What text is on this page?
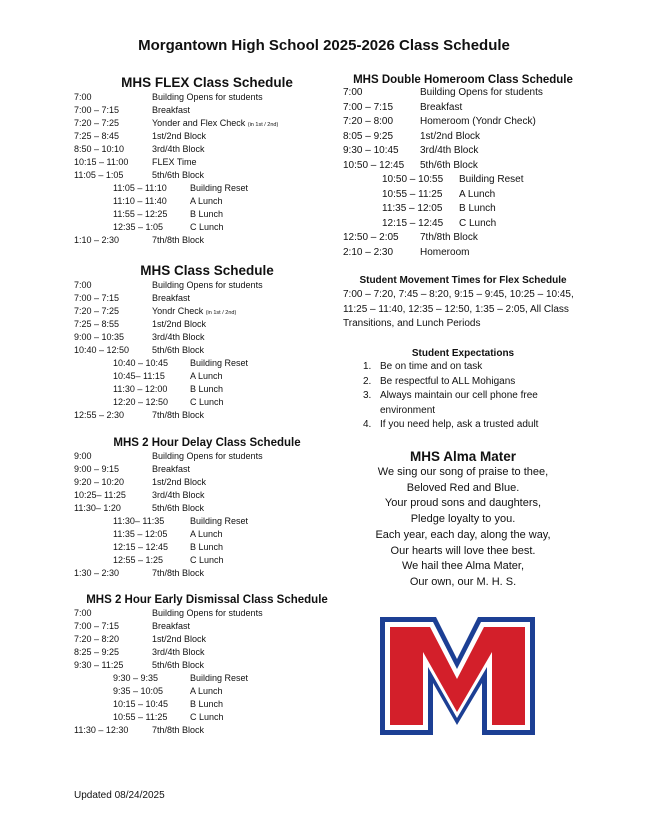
Morgantown High School 2025-2026 Class Schedule
MHS FLEX Class Schedule
7:00	Building Opens for students
7:00 – 7:15	Breakfast
7:20 – 7:25	Yonder and Flex Check (in 1st / 2nd)
7:25 – 8:45	1st/2nd Block
8:50 – 10:10	3rd/4th Block
10:15 – 11:00	FLEX Time
11:05 – 1:05	5th/6th Block
11:05 – 11:10	Building Reset
11:10 – 11:40	A Lunch
11:55 – 12:25	B Lunch
12:35 – 1:05	C Lunch
1:10 – 2:30	7th/8th Block
MHS Class Schedule
7:00	Building Opens for students
7:00 – 7:15	Breakfast
7:20 – 7:25	Yondr Check (in 1st / 2nd)
7:25 – 8:55	1st/2nd Block
9:00 – 10:35	3rd/4th Block
10:40 – 12:50	5th/6th Block
10:40 – 10:45 Building Reset
10:45– 11:15	A Lunch
11:30 – 12:00	B Lunch
12:20 – 12:50 C Lunch
12:55 – 2:30	7th/8th Block
MHS 2 Hour Delay Class Schedule
9:00	Building Opens for students
9:00 – 9:15	Breakfast
9:20 – 10:20	1st/2nd Block
10:25– 11:25	3rd/4th Block
11:30– 1:20	5th/6th Block
11:30– 11:35	Building Reset
11:35 – 12:05	A Lunch
12:15 – 12:45 B Lunch
12:55 – 1:25	C Lunch
1:30 – 2:30	7th/8th Block
MHS 2 Hour Early Dismissal Class Schedule
7:00	Building Opens for students
7:00 – 7:15	Breakfast
7:20 – 8:20	1st/2nd Block
8:25 – 9:25	3rd/4th Block
9:30 – 11:25	5th/6th Block
9:30 – 9:35	Building Reset
9:35 – 10:05	A Lunch
10:15 – 10:45 B Lunch
10:55 – 11:25	C Lunch
11:30 – 12:30	7th/8th Block
MHS Double Homeroom Class Schedule
7:00	Building Opens for students
7:00 – 7:15	Breakfast
7:20 – 8:00	Homeroom (Yondr Check)
8:05 – 9:25	1st/2nd Block
9:30 – 10:45 3rd/4th Block
10:50 – 12:45 5th/6th Block
10:50 – 10:55 Building Reset
10:55 – 11:25 A Lunch
11:35 – 12:05 B Lunch
12:15 – 12:45 C Lunch
12:50 – 2:05 7th/8th Block
2:10 – 2:30	Homeroom
Student Movement Times for Flex Schedule
7:00 – 7:20, 7:45 – 8:20, 9:15 – 9:45, 10:25 – 10:45, 11:25 – 11:40, 12:35 – 12:50, 1:35 – 2:05, All Class Transitions, and Lunch Periods
Student Expectations
1. Be on time and on task
2. Be respectful to ALL Mohigans
3. Always maintain our cell phone free environment
4. If you need help, ask a trusted adult
MHS Alma Mater
We sing our song of praise to thee,
Beloved Red and Blue.
Your proud sons and daughters,
Pledge loyalty to you.
Each year, each day, along the way,
Our hearts will love thee best.
We hail thee Alma Mater,
Our own, our M. H. S.
Updated 08/24/2025
